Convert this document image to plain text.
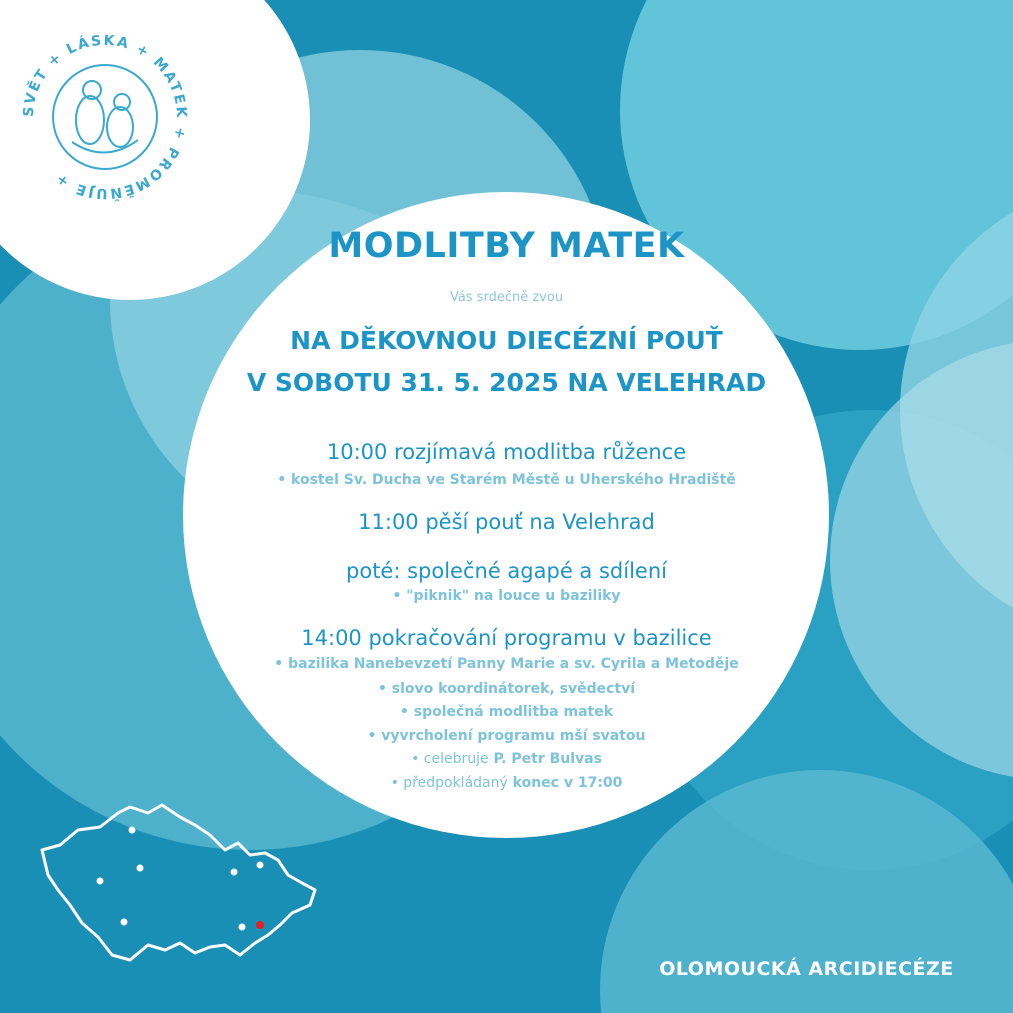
SVĚT + LÁSKA + MATEK + PROMĚŇUJE +
MODLITBY MATEK
Vás srdečně zvou
NA DĚKOVNOU DIECÉZNÍ POUŤ
V SOBOTU 31. 5. 2025 NA VELEHRAD
10:00 rozjímavá modlitba růžence
• kostel Sv. Ducha ve Starém Městě u Uherského Hradiště
11:00 pěší pouť na Velehrad
poté: společné agapé a sdílení
• "piknik" na louce u baziliky
14:00 pokračování programu v bazilice
• bazilika Nanebevzetí Panny Marie a sv. Cyrila a Metoděje
• slovo koordinátorek, svědectví
• společná modlitba matek
• vyvrcholení programu mší svatou
• celebruje P. Petr Bulvas
• předpokládaný konec v 17:00
OLOMOUCKÁ ARCIDIECÉZE
